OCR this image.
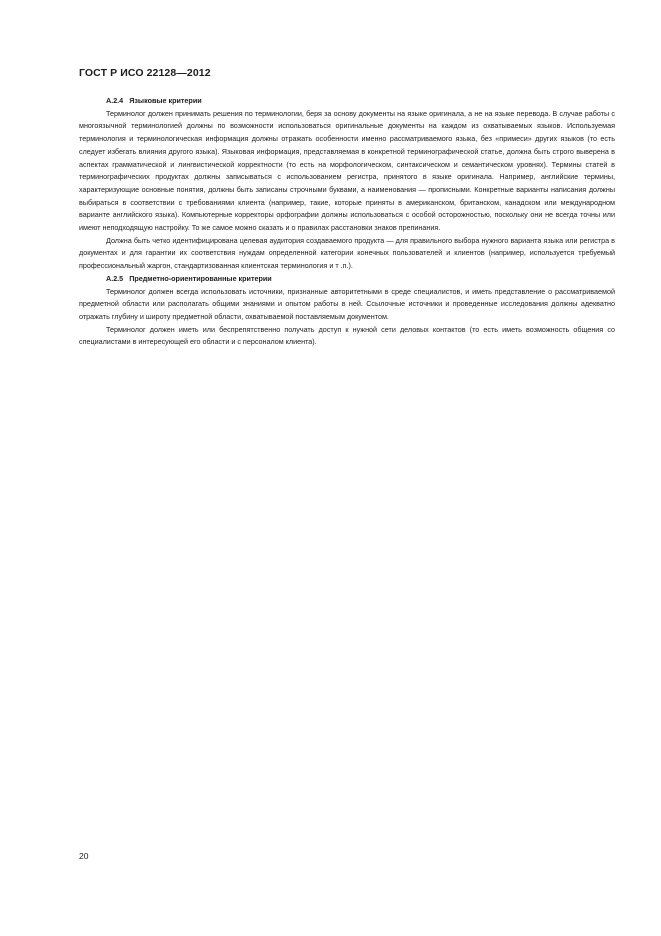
ГОСТ Р ИСО 22128—2012

А.2.4 Языковые критерии

Терминолог должен принимать решения по терминологии, беря за основу документы на языке оригинала, а не на языке перевода. В случае работы с многоязычной терминологией должны по возможности использоваться оригинальные документы на каждом из охватываемых языков. Используемая терминология и терминологическая информация должны отражать особенности именно рассматриваемого языка, без «примеси» других языков (то есть следует избегать влияния другого языка). Языковая информация, представляемая в конкретной терминографической статье, должна быть строго выверена в аспектах грамматической и лингвистической корректности (то есть на морфологическом, синтаксическом и семантическом уровнях). Термины статей в терминографических продуктах должны записываться с использованием регистра, принятого в языке оригинала. Например, английские термины, характеризующие основные понятия, должны быть записаны строчными буквами, а наименования — прописными. Конкретные варианты написания должны выбираться в соответствии с требованиями клиента (например, такие, которые приняты в американском, британском, канадском или международном варианте английского языка). Компьютерные корректоры орфографии должны использоваться с особой осторожностью, поскольку они не всегда точны или имеют неподходящую настройку. То же самое можно сказать и о правилах расстановки знаков препинания.

Должна быть четко идентифицирована целевая аудитория создаваемого продукта — для правильного выбора нужного варианта языка или регистра в документах и для гарантии их соответствия нуждам определенной категории конечных пользователей и клиентов (например, используется требуемый профессиональный жаргон, стандартизованная клиентская терминология и т .п.).

А.2.5 Предметно-ориентированные критерии

Терминолог должен всегда использовать источники, признанные авторитетными в среде специалистов, и иметь представление о рассматриваемой предметной области или располагать общими знаниями и опытом работы в ней. Ссылочные источники и проведенные исследования должны адекватно отражать глубину и широту предметной области, охватываемой поставляемым документом.

Терминолог должен иметь или беспрепятственно получать доступ к нужной сети деловых контактов (то есть иметь возможность общения со специалистами в интересующей его области и с персоналом клиента).

20
